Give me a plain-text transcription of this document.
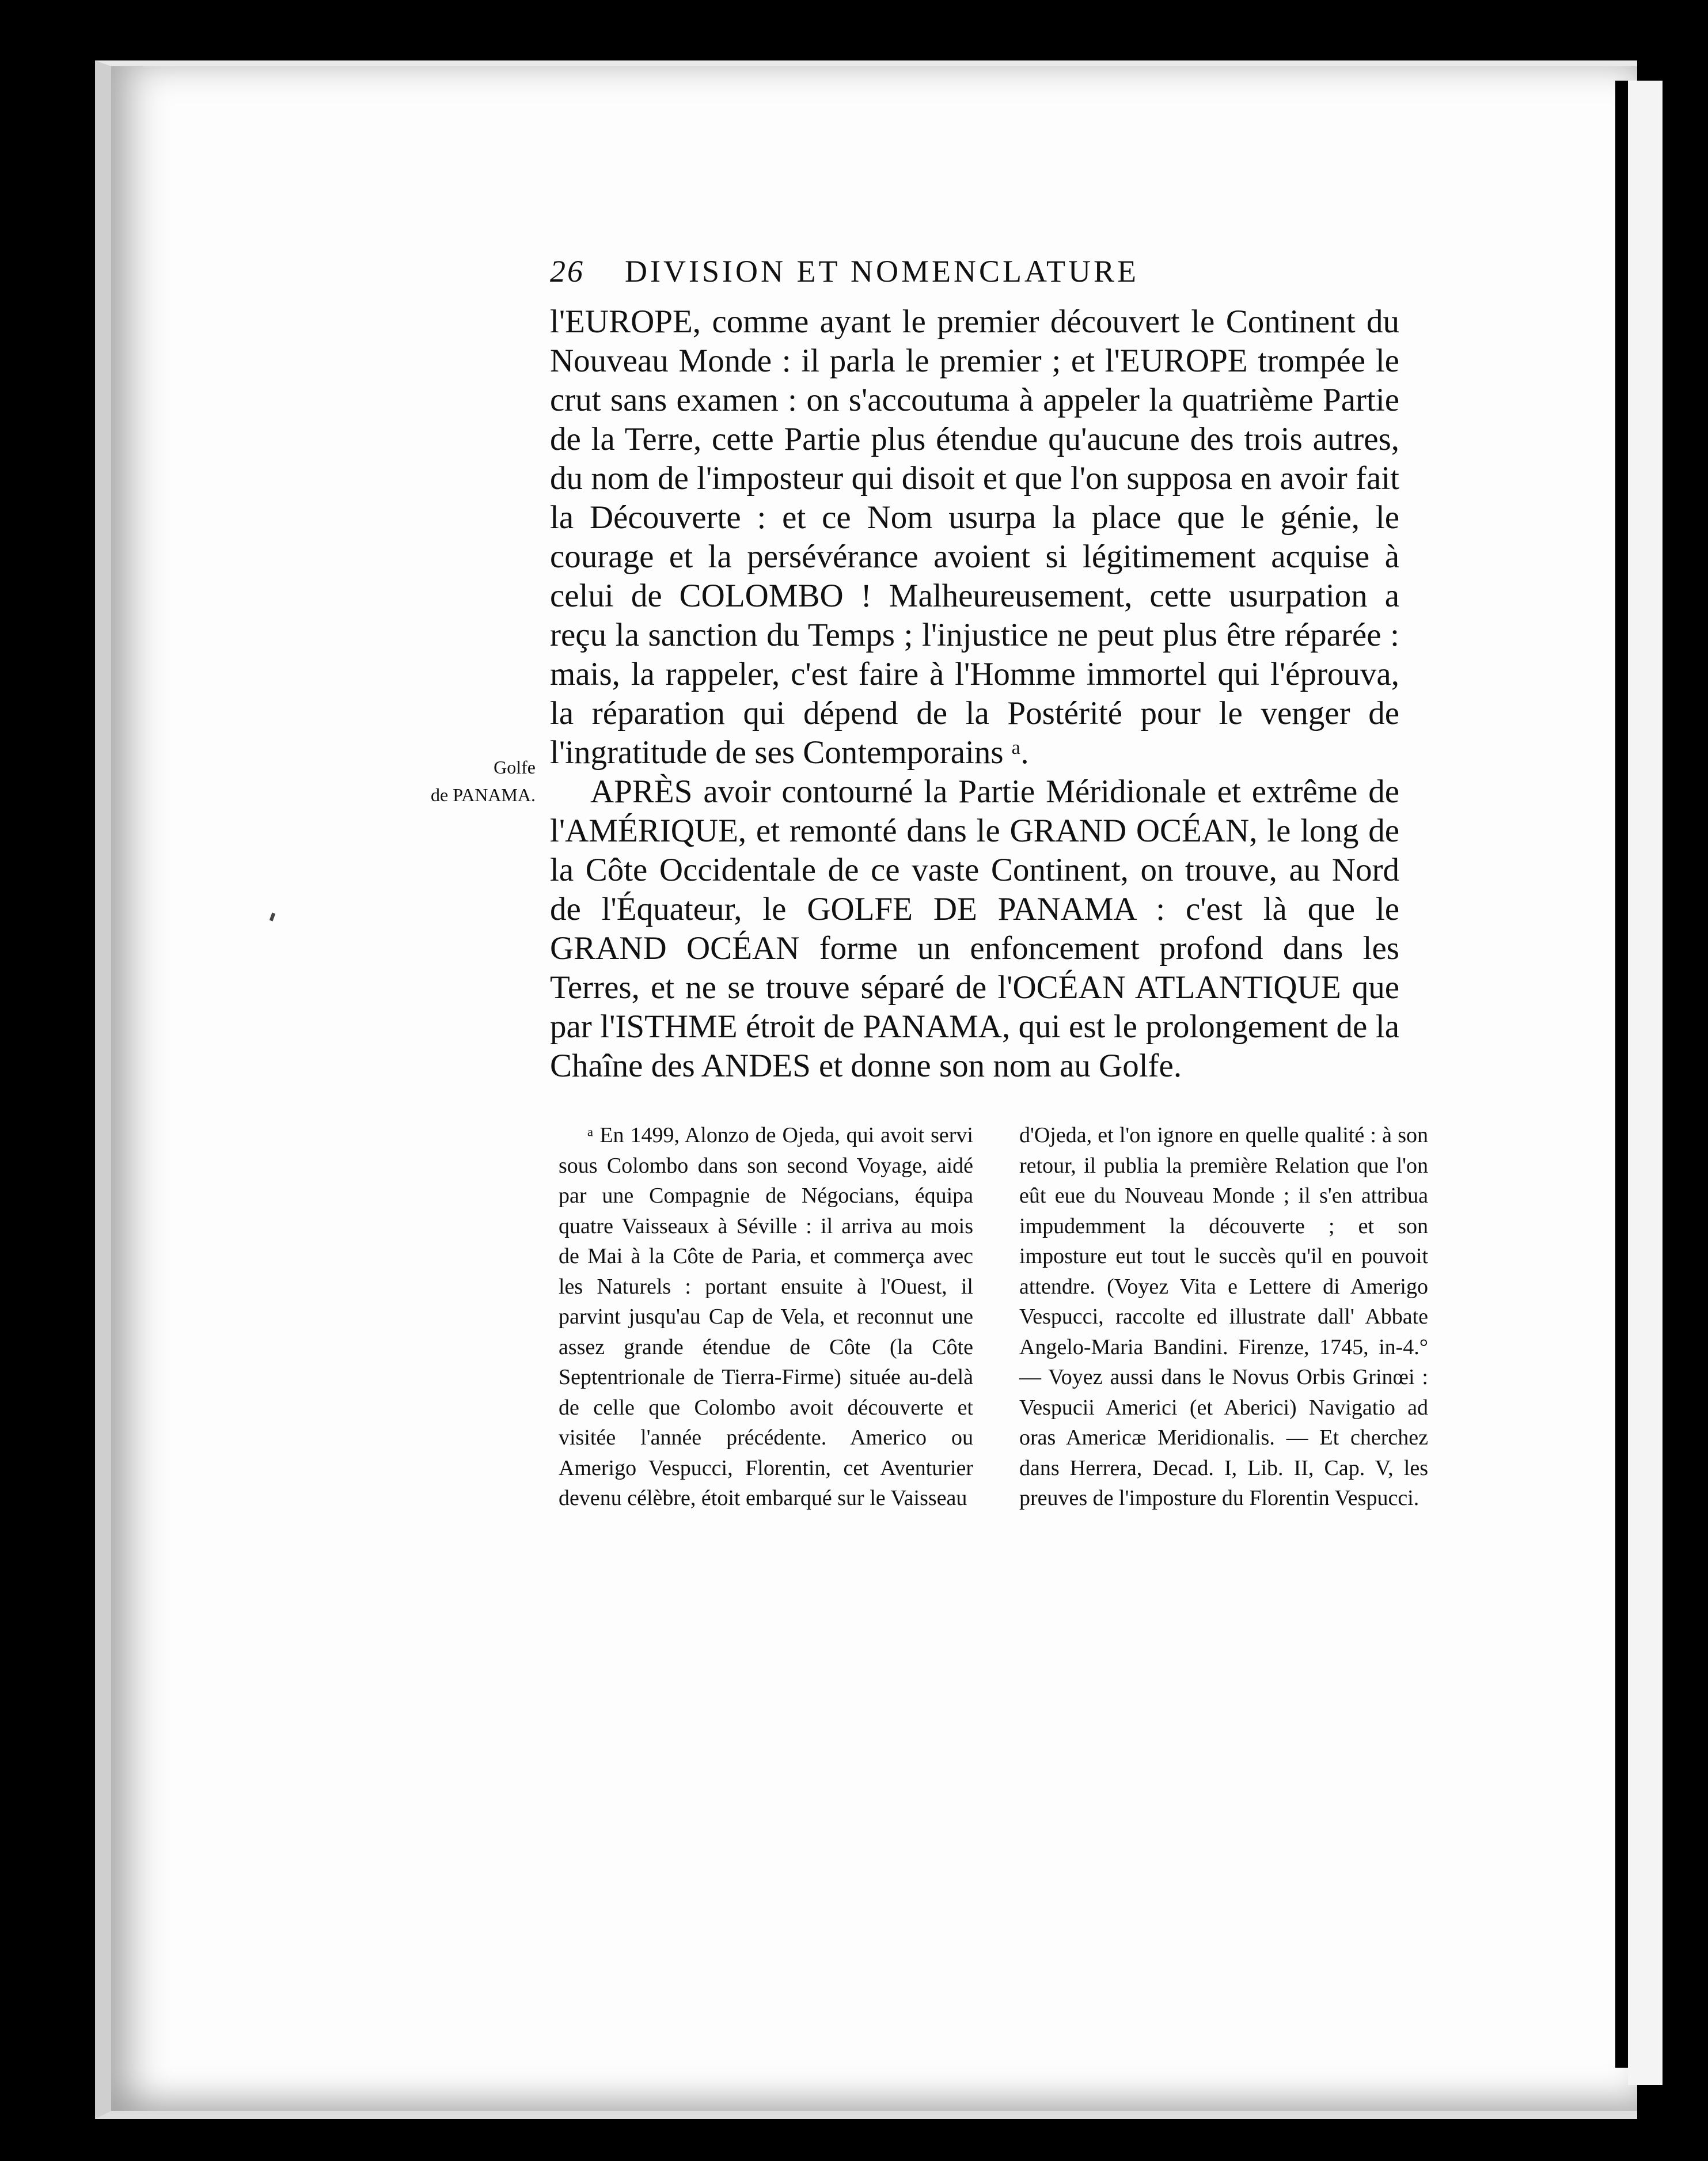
26 DIVISION ET NOMENCLATURE

l'EUROPE, comme ayant le premier découvert le Continent du Nouveau Monde : il parla le premier ; et l'EUROPE trompée le crut sans examen : on s'accoutuma à appeler la quatrième Partie de la Terre, cette Partie plus étendue qu'aucune des trois autres, du nom de l'imposteur qui disoit et que l'on supposa en avoir fait la Découverte : et ce Nom usurpa la place que le génie, le courage et la persévérance avoient si légitimement acquise à celui de COLOMBO ! Malheureusement, cette usurpation a reçu la sanction du Temps ; l'injustice ne peut plus être réparée : mais, la rappeler, c'est faire à l'Homme immortel qui l'éprouva, la réparation qui dépend de la Postérité pour le venger de l'ingratitude de ses Contemporains ᵃ.

APRÈS avoir contourné la Partie Méridionale et extrême de l'AMÉRIQUE, et remonté dans le GRAND OCÉAN, le long de la Côte Occidentale de ce vaste Continent, on trouve, au Nord de l'Équateur, le GOLFE DE PANAMA : c'est là que le GRAND OCÉAN forme un enfoncement profond dans les Terres, et ne se trouve séparé de l'OCÉAN ATLANTIQUE que par l'ISTHME étroit de PANAMA, qui est le prolongement de la Chaîne des ANDES et donne son nom au Golfe.

Golfe
de PANAMA.

ᵃ En 1499, Alonzo de Ojeda, qui avoit servi sous Colombo dans son second Voyage, aidé par une Compagnie de Négocians, équipa quatre Vaisseaux à Séville : il arriva au mois de Mai à la Côte de Paria, et commerça avec les Naturels : portant ensuite à l'Ouest, il parvint jusqu'au Cap de Vela, et reconnut une assez grande étendue de Côte (la Côte Septentrionale de Tierra-Firme) située au-delà de celle que Colombo avoit découverte et visitée l'année précédente. Americo ou Amerigo Vespucci, Florentin, cet Aventurier devenu célèbre, étoit embarqué sur le Vaisseau

d'Ojeda, et l'on ignore en quelle qualité : à son retour, il publia la première Relation que l'on eût eue du Nouveau Monde ; il s'en attribua impudemment la découverte ; et son imposture eut tout le succès qu'il en pouvoit attendre. (Voyez Vita e Lettere di Amerigo Vespucci, raccolte ed illustrate dall' Abbate Angelo-Maria Bandini. Firenze, 1745, in-4.° — Voyez aussi dans le Novus Orbis Grinœi : Vespucii Americi (et Aberici) Navigatio ad oras Americæ Meridionalis. — Et cherchez dans Herrera, Decad. I, Lib. II, Cap. V, les preuves de l'imposture du Florentin Vespucci.
